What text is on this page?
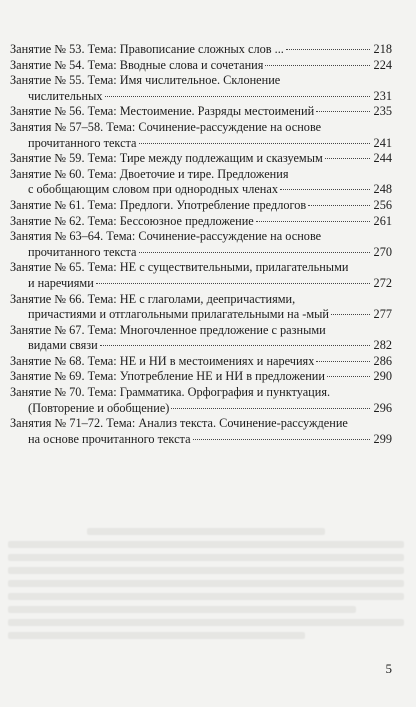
Занятие № 53. Тема: Правописание сложных слов ...	218
Занятие № 54. Тема: Вводные слова и сочетания	224
Занятие № 55. Тема: Имя числительное. Склонение
числительных	231
Занятие № 56. Тема: Местоимение. Разряды местоимений	235
Занятия № 57–58. Тема: Сочинение-рассуждение на основе
прочитанного текста	241
Занятие № 59. Тема: Тире между подлежащим и сказуемым	244
Занятие № 60. Тема: Двоеточие и тире. Предложения
с обобщающим словом при однородных членах	248
Занятие № 61. Тема: Предлоги. Употребление предлогов	256
Занятие № 62. Тема: Бессоюзное предложение	261
Занятия № 63–64. Тема: Сочинение-рассуждение на основе
прочитанного текста	270
Занятие № 65. Тема: НЕ с существительными, прилагательными
и наречиями	272
Занятие № 66. Тема: НЕ с глаголами, деепричастиями,
причастиями и отглагольными прилагательными на -мый	277
Занятие № 67. Тема: Многочленное предложение с разными
видами связи	282
Занятие № 68. Тема: НЕ и НИ в местоимениях и наречиях	286
Занятие № 69. Тема: Употребление НЕ и НИ в предложении	290
Занятие № 70. Тема: Грамматика. Орфография и пунктуация.
(Повторение и обобщение)	296
Занятия № 71–72. Тема: Анализ текста. Сочинение-рассуждение
на основе прочитанного текста	299
5
